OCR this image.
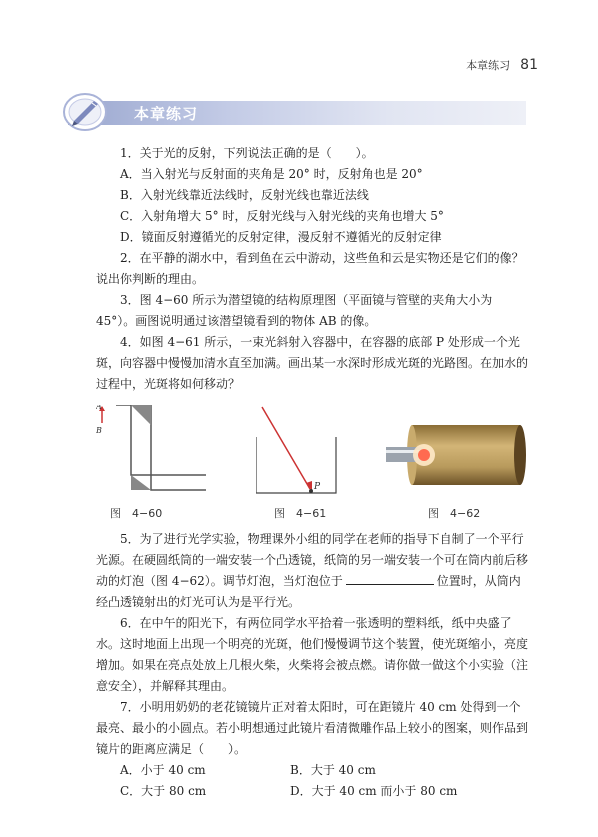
本章练习 81
本章练习

1．关于光的反射，下列说法正确的是（　　）。

A．当入射光与反射面的夹角是 20° 时，反射角也是 20°

B．入射光线靠近法线时，反射光线也靠近法线

C．入射角增大 5° 时，反射光线与入射光线的夹角也增大 5°

D．镜面反射遵循光的反射定律，漫反射不遵循光的反射定律

2．在平静的湖水中，看到鱼在云中游动，这些鱼和云是实物还是它们的像？说出你判断的理由。

3．图 4−60 所示为潜望镜的结构原理图（平面镜与管壁的夹角大小为 45°）。画图说明通过该潜望镜看到的物体 AB 的像。

4．如图 4−61 所示，一束光斜射入容器中，在容器的底部 P 处形成一个光斑，向容器中慢慢加清水直至加满。画出某一水深时形成光斑的光路图。在加水的过程中，光斑将如何移动？

A
B
图　4−60
P
图　4−61	图　4−62

5．为了进行光学实验，物理课外小组的同学在老师的指导下自制了一个平行光源。在硬圆纸筒的一端安装一个凸透镜，纸筒的另一端安装一个可在筒内前后移动的灯泡（图 4−62）。调节灯泡，当灯泡位于	位置时，从筒内经凸透镜射出的灯光可认为是平行光。

6．在中午的阳光下，有两位同学水平拾着一张透明的塑料纸，纸中央盛了水。这时地面上出现一个明亮的光斑，他们慢慢调节这个装置，使光斑缩小，亮度增加。如果在亮点处放上几根火柴，火柴将会被点燃。请你做一做这个小实验（注意安全），并解释其理由。

7．小明用奶奶的老花镜镜片正对着太阳时，可在距镜片 40 cm 处得到一个最亮、最小的小圆点。若小明想通过此镜片看清微雕作品上较小的图案，则作品到镜片的距离应满足（　　）。

A．小于 40 cm	B．大于 40 cm
C．大于 80 cm	D．大于 40 cm 而小于 80 cm
